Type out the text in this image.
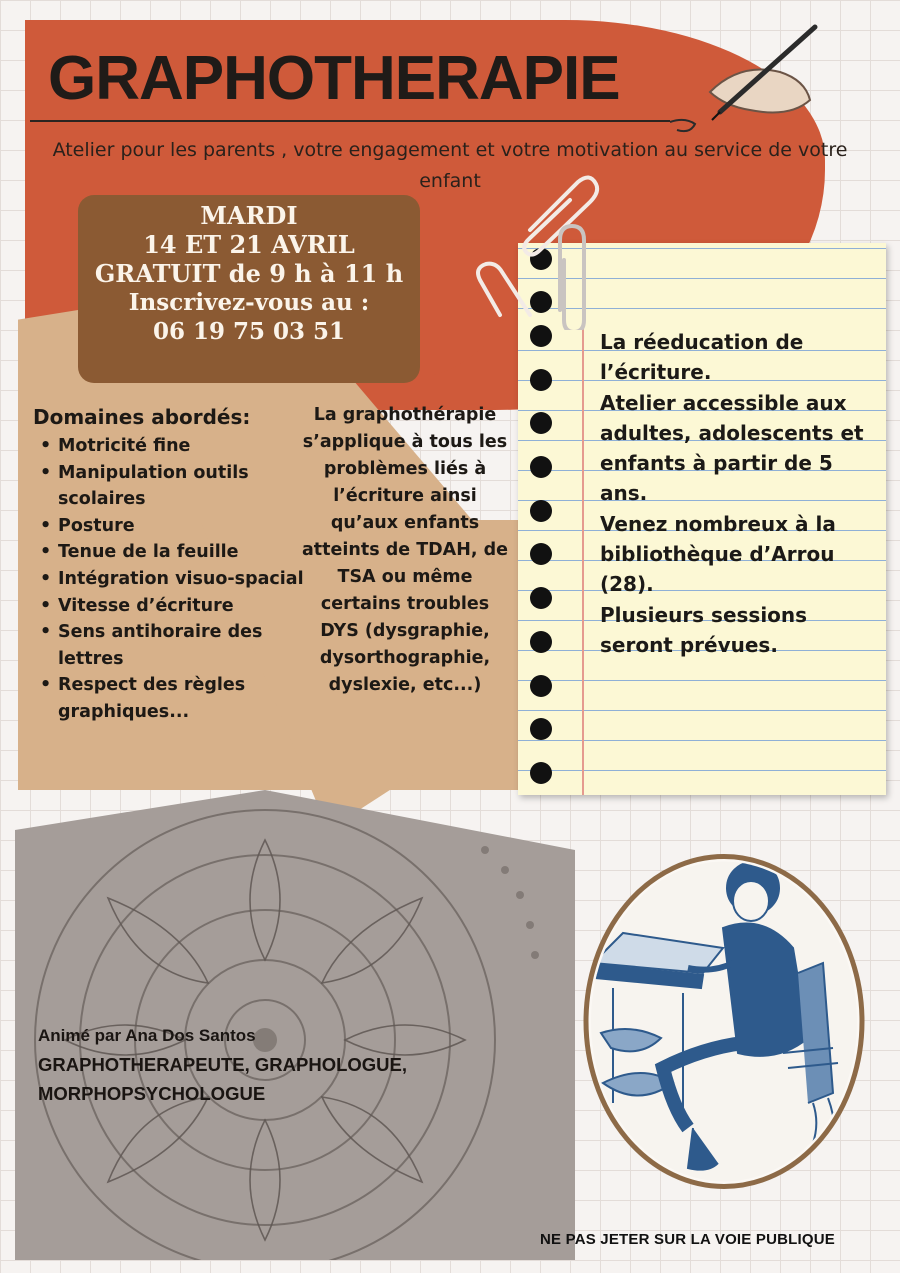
GRAPHOTHERAPIE
Atelier pour les parents , votre engagement et votre motivation au service de votre enfant
MARDI
14 ET 21 AVRIL
GRATUIT de 9 h à 11 h
Inscrivez-vous au :
06 19 75 03 51
Domaines abordés:
• Motricité fine
• Manipulation outils scolaires
• Posture
• Tenue de la feuille
• Intégration visuo-spacial
• Vitesse d’écriture
• Sens antihoraire des lettres
• Respect des règles graphiques...
La graphothérapie s’applique à tous les problèmes liés à l’écriture ainsi qu’aux enfants atteints de TDAH, de TSA ou même certains troubles DYS (dysgraphie, dysorthographie, dyslexie, etc...)
La réeducation de l’écriture.
Atelier accessible aux adultes, adolescents et enfants à partir de 5 ans.
Venez nombreux à la bibliothèque d’Arrou (28).
Plusieurs sessions seront prévues.
Animé par Ana Dos Santos
GRAPHOTHERAPEUTE, GRAPHOLOGUE, MORPHOPSYCHOLOGUE
NE PAS JETER SUR LA VOIE PUBLIQUE
